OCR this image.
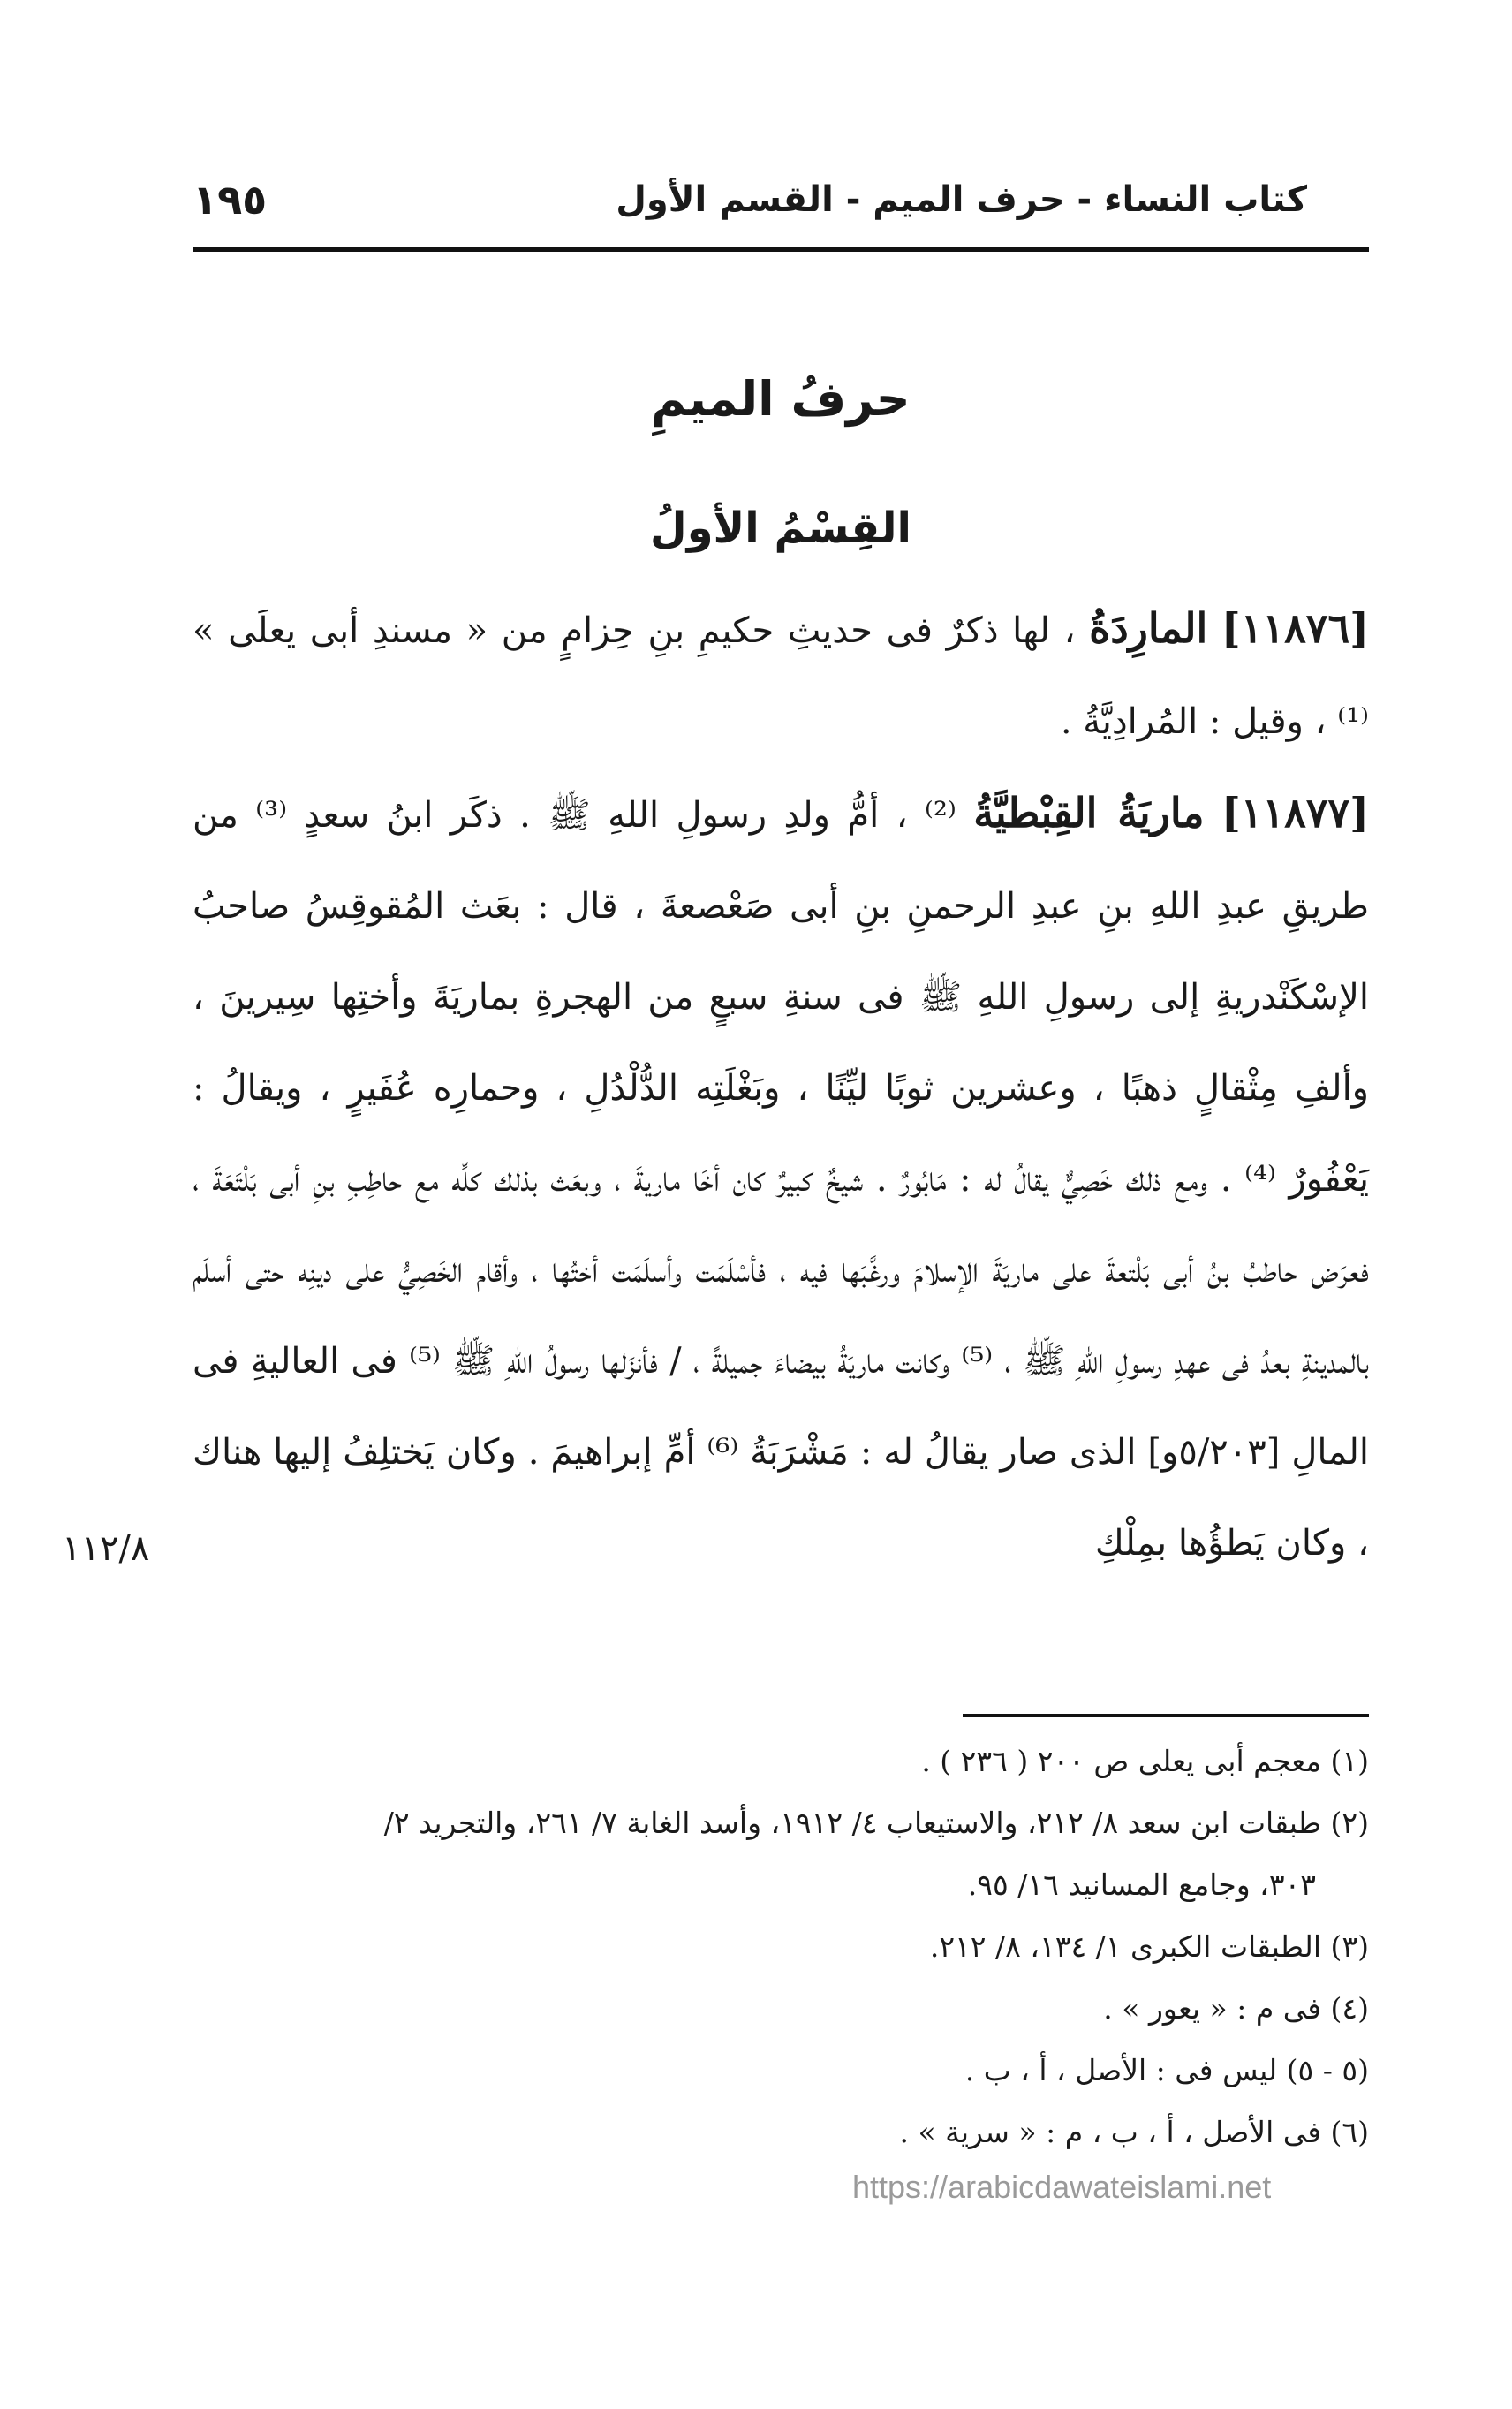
كتاب النساء - حرف الميم - القسم الأول
١٩٥
حرفُ الميمِ
القِسْمُ الأولُ

[١١٨٧٦] المارِدَةُ ، لها ذكرٌ فى حديثِ حكيمِ بنِ حِزامٍ من « مسندِ أبى يعلَى » ⁽¹⁾ ، وقيل : المُرادِيَّةُ .

[١١٨٧٧] ماريَةُ القِبْطيَّةُ ⁽²⁾ ، أمُّ ولدِ رسولِ اللهِ ﷺ . ذكَر ابنُ سعدٍ ⁽³⁾ من طريقِ عبدِ اللهِ بنِ عبدِ الرحمنِ بنِ أبى صَعْصعةَ ، قال : بعَث المُقوقِسُ صاحبُ الإسْكَنْدريةِ إلى رسولِ اللهِ ﷺ فى سنةِ سبعٍ من الهجرةِ بماريَةَ وأختِها سِيرينَ ، وألفِ مِثْقالٍ ذهبًا ، وعشرين ثوبًا ليِّنًا ، وبَغْلَتِه الدُّلْدُلِ ، وحمارِه عُفَيرٍ ، ويقالُ : يَعْفُورٌ ⁽⁴⁾ . ومع ذلك خَصِيٌّ يقالُ له : مَابُورٌ . شيخٌ كبيرٌ كان أخَا ماريةَ ، وبعَث بذلك كلِّه مع حاطِبِ بنِ أبى بَلْتَعَةَ ، فعرَض حاطبُ بنُ أبى بَلْتعةَ على ماريَةَ الإسلامَ ورغَّبَها فيه ، فأسْلَمَت وأسلَمَت أختُها ، وأقام الخَصِيُّ على دينِه حتى أسلَم بالمدينةِ بعدُ فى عهدِ رسولِ اللهِ ﷺ ، ⁽⁵⁾ وكانت ماريَةُ بيضاءَ جميلةً ، / فأنزَلها رسولُ اللهِ ﷺ ⁽⁵⁾ فى العاليةِ فى المالِ [٥/٢٠٣و] الذى صار يقالُ له : مَشْرَبَةُ ⁽⁶⁾ أمِّ إبراهيمَ . وكان يَختلِفُ إليها هناك ، وكان يَطؤُها بمِلْكِ

١١٢/٨

(١) معجم أبى يعلى ص ٢٠٠ ( ٢٣٦ ) .

(٢) طبقات ابن سعد ٨/ ٢١٢، والاستيعاب ٤/ ١٩١٢، وأسد الغابة ٧/ ٢٦١، والتجريد ٢/

٣٠٣، وجامع المسانيد ١٦/ ٩٥.

(٣) الطبقات الكبرى ١/ ١٣٤، ٨/ ٢١٢.

(٤) فى م : « يعور » .

(٥ - ٥) ليس فى : الأصل ، أ ، ب .

(٦) فى الأصل ، أ ، ب ، م : « سرية » .

https://arabicdawateislami.net
